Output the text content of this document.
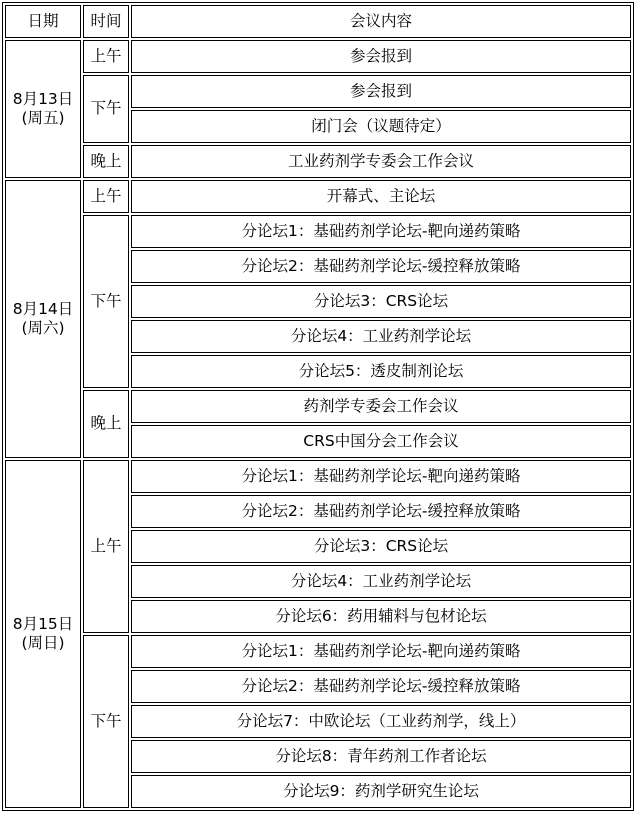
日期	时间	会议内容

8月13日
(周五)	上午	参会报到
	下午	参会报到
		闭门会（议题待定）
	晚上	工业药剂学专委会工作会议

8月14日
(周六)	上午	开幕式、主论坛
	下午	分论坛1：基础药剂学论坛-靶向递药策略
		分论坛2：基础药剂学论坛-缓控释放策略
		分论坛3：CRS论坛
		分论坛4：工业药剂学论坛
		分论坛5：透皮制剂论坛
	晚上	药剂学专委会工作会议
		CRS中国分会工作会议

8月15日
(周日)	上午	分论坛1：基础药剂学论坛-靶向递药策略
		分论坛2：基础药剂学论坛-缓控释放策略
		分论坛3：CRS论坛
		分论坛4：工业药剂学论坛
		分论坛6：药用辅料与包材论坛
	下午	分论坛1：基础药剂学论坛-靶向递药策略
		分论坛2：基础药剂学论坛-缓控释放策略
		分论坛7：中欧论坛（工业药剂学，线上）
		分论坛8：青年药剂工作者论坛
		分论坛9：药剂学研究生论坛
